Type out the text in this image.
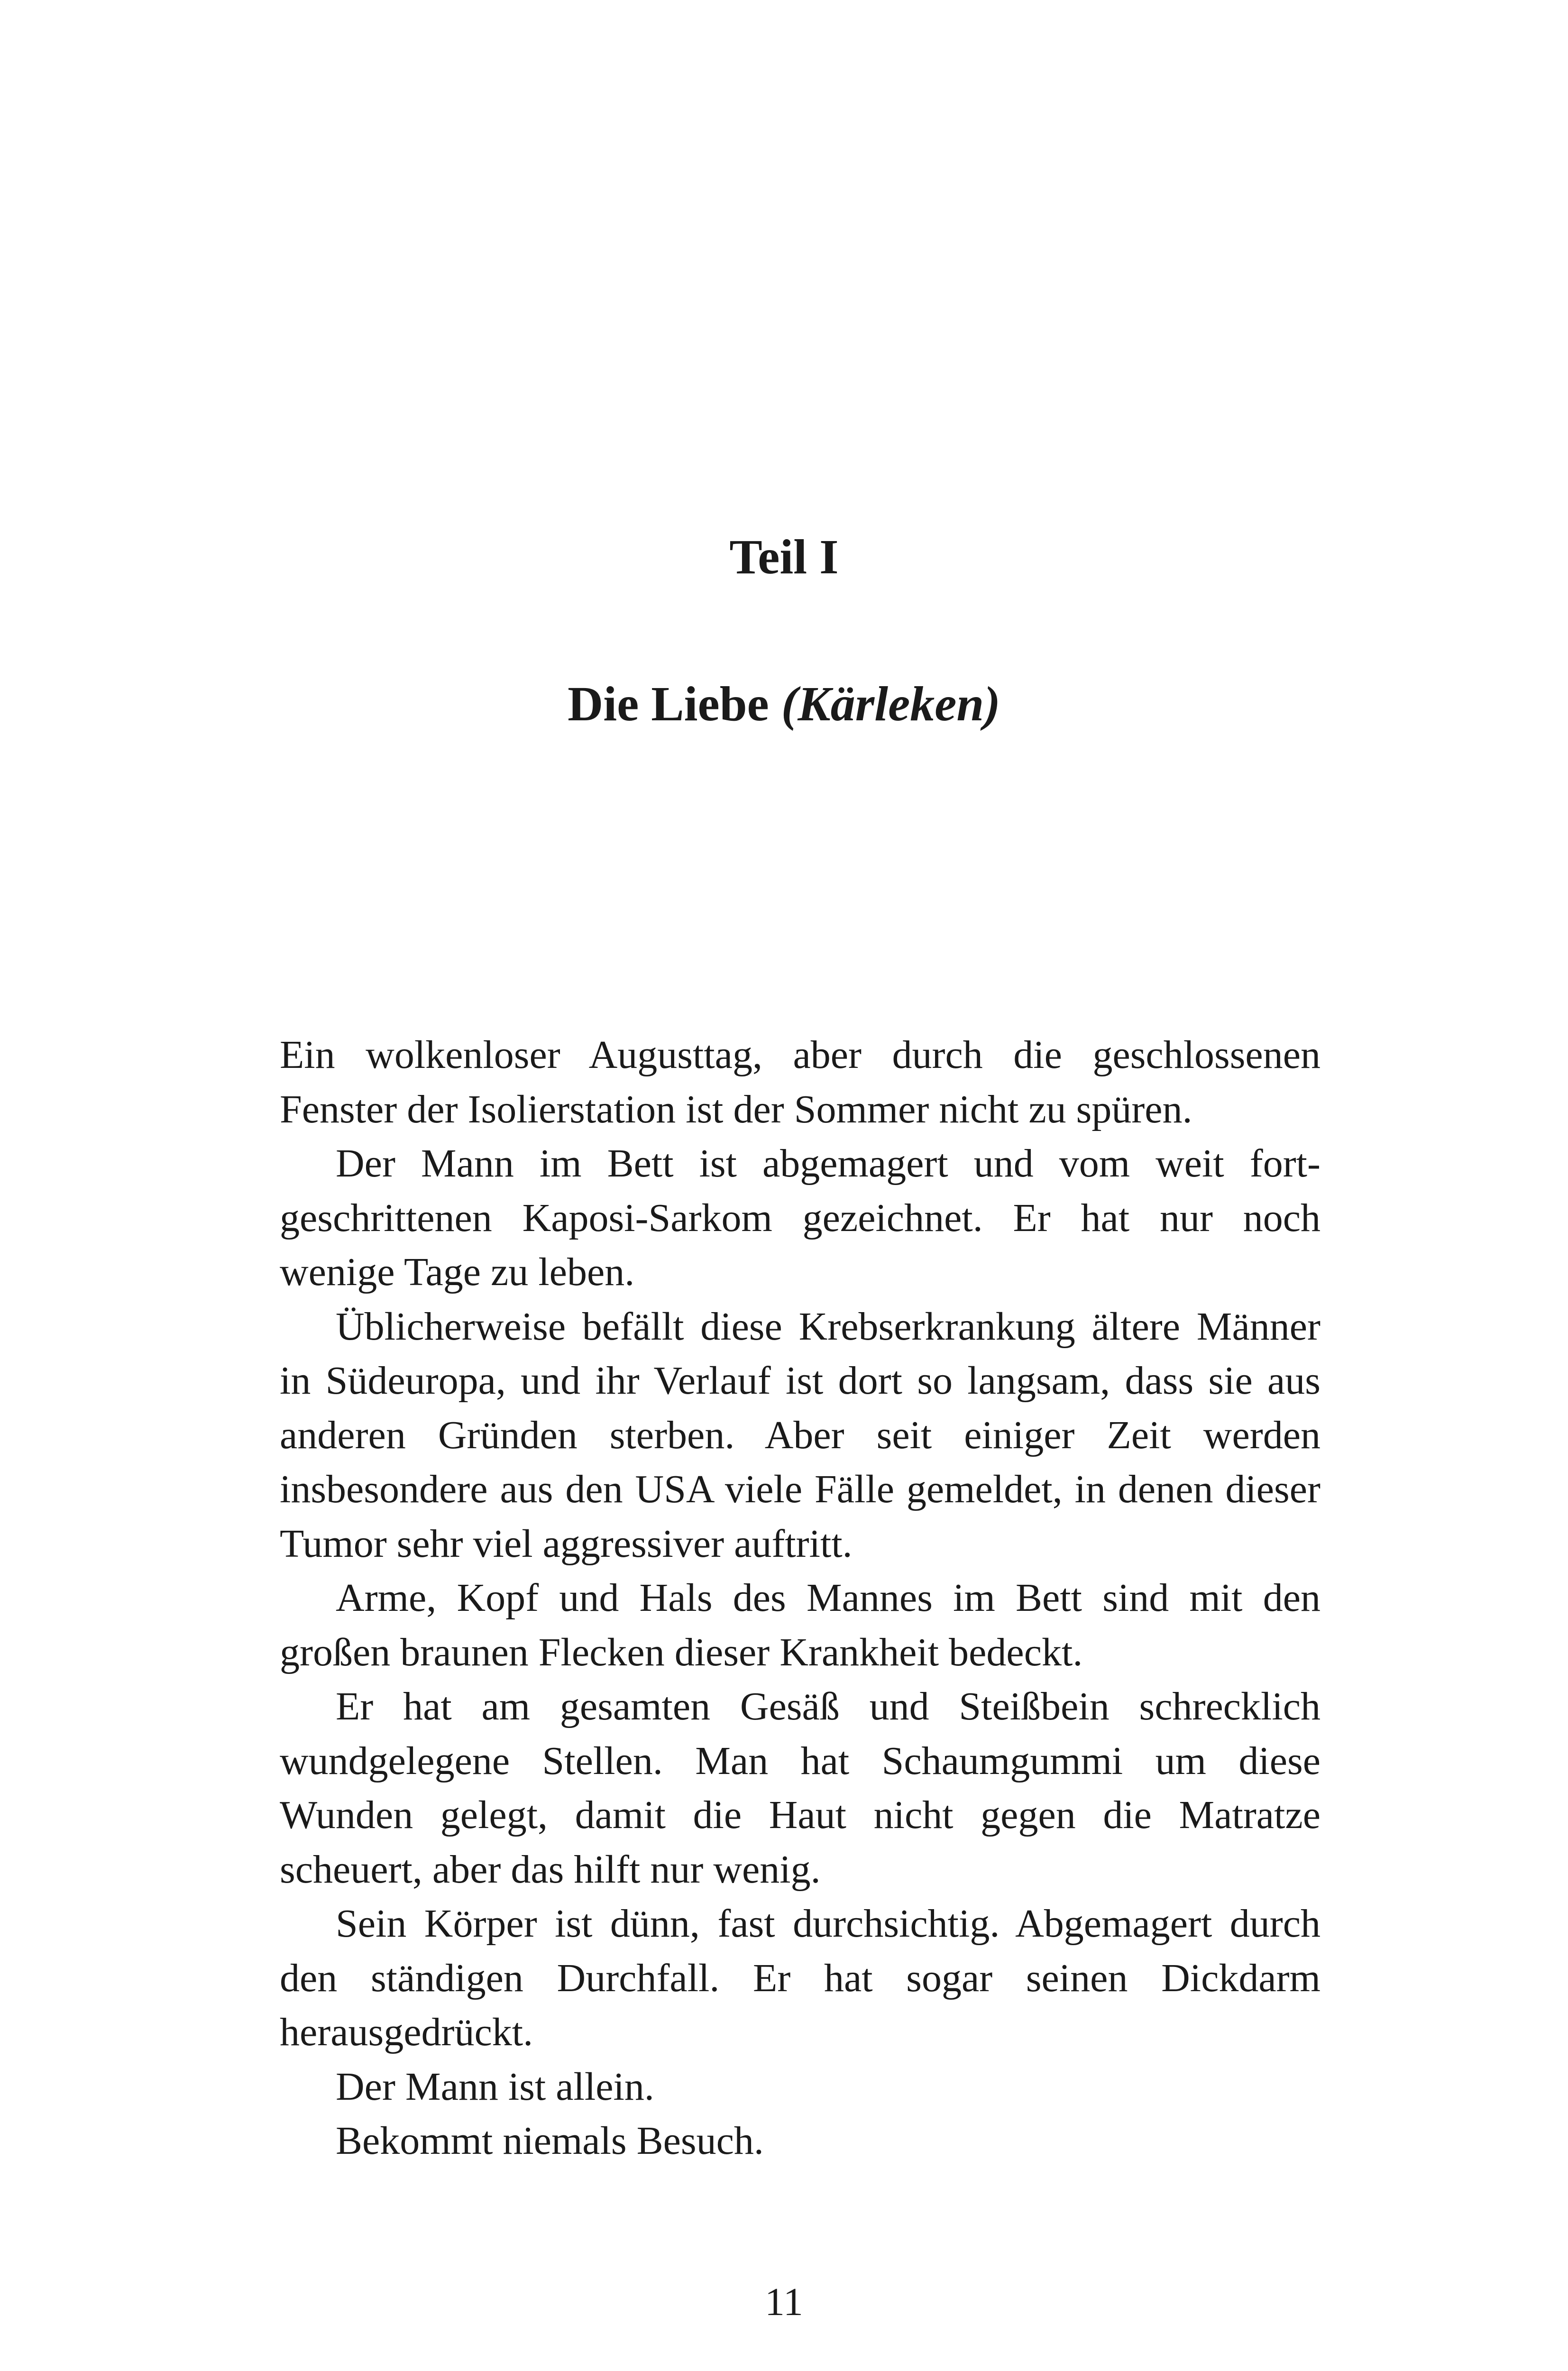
Teil I
Die Liebe (Kärleken)

Ein wolkenloser Augusttag, aber durch die geschlossenen Fenster der Isolierstation ist der Sommer nicht zu spüren.

Der Mann im Bett ist abgemagert und vom weit fortgeschrittenen Kaposi-Sarkom gezeichnet. Er hat nur noch wenige Tage zu leben.

Üblicherweise befällt diese Krebserkrankung ältere Männer in Südeuropa, und ihr Verlauf ist dort so langsam, dass sie aus anderen Gründen sterben. Aber seit einiger Zeit werden insbesondere aus den USA viele Fälle gemeldet, in denen dieser Tumor sehr viel aggressiver auftritt.

Arme, Kopf und Hals des Mannes im Bett sind mit den großen braunen Flecken dieser Krankheit bedeckt.

Er hat am gesamten Gesäß und Steißbein schrecklich wundgelegene Stellen. Man hat Schaumgummi um diese Wunden gelegt, damit die Haut nicht gegen die Matratze scheuert, aber das hilft nur wenig.

Sein Körper ist dünn, fast durchsichtig. Abgemagert durch den ständigen Durchfall. Er hat sogar seinen Dickdarm herausgedrückt.

Der Mann ist allein.

Bekommt niemals Besuch.

11
